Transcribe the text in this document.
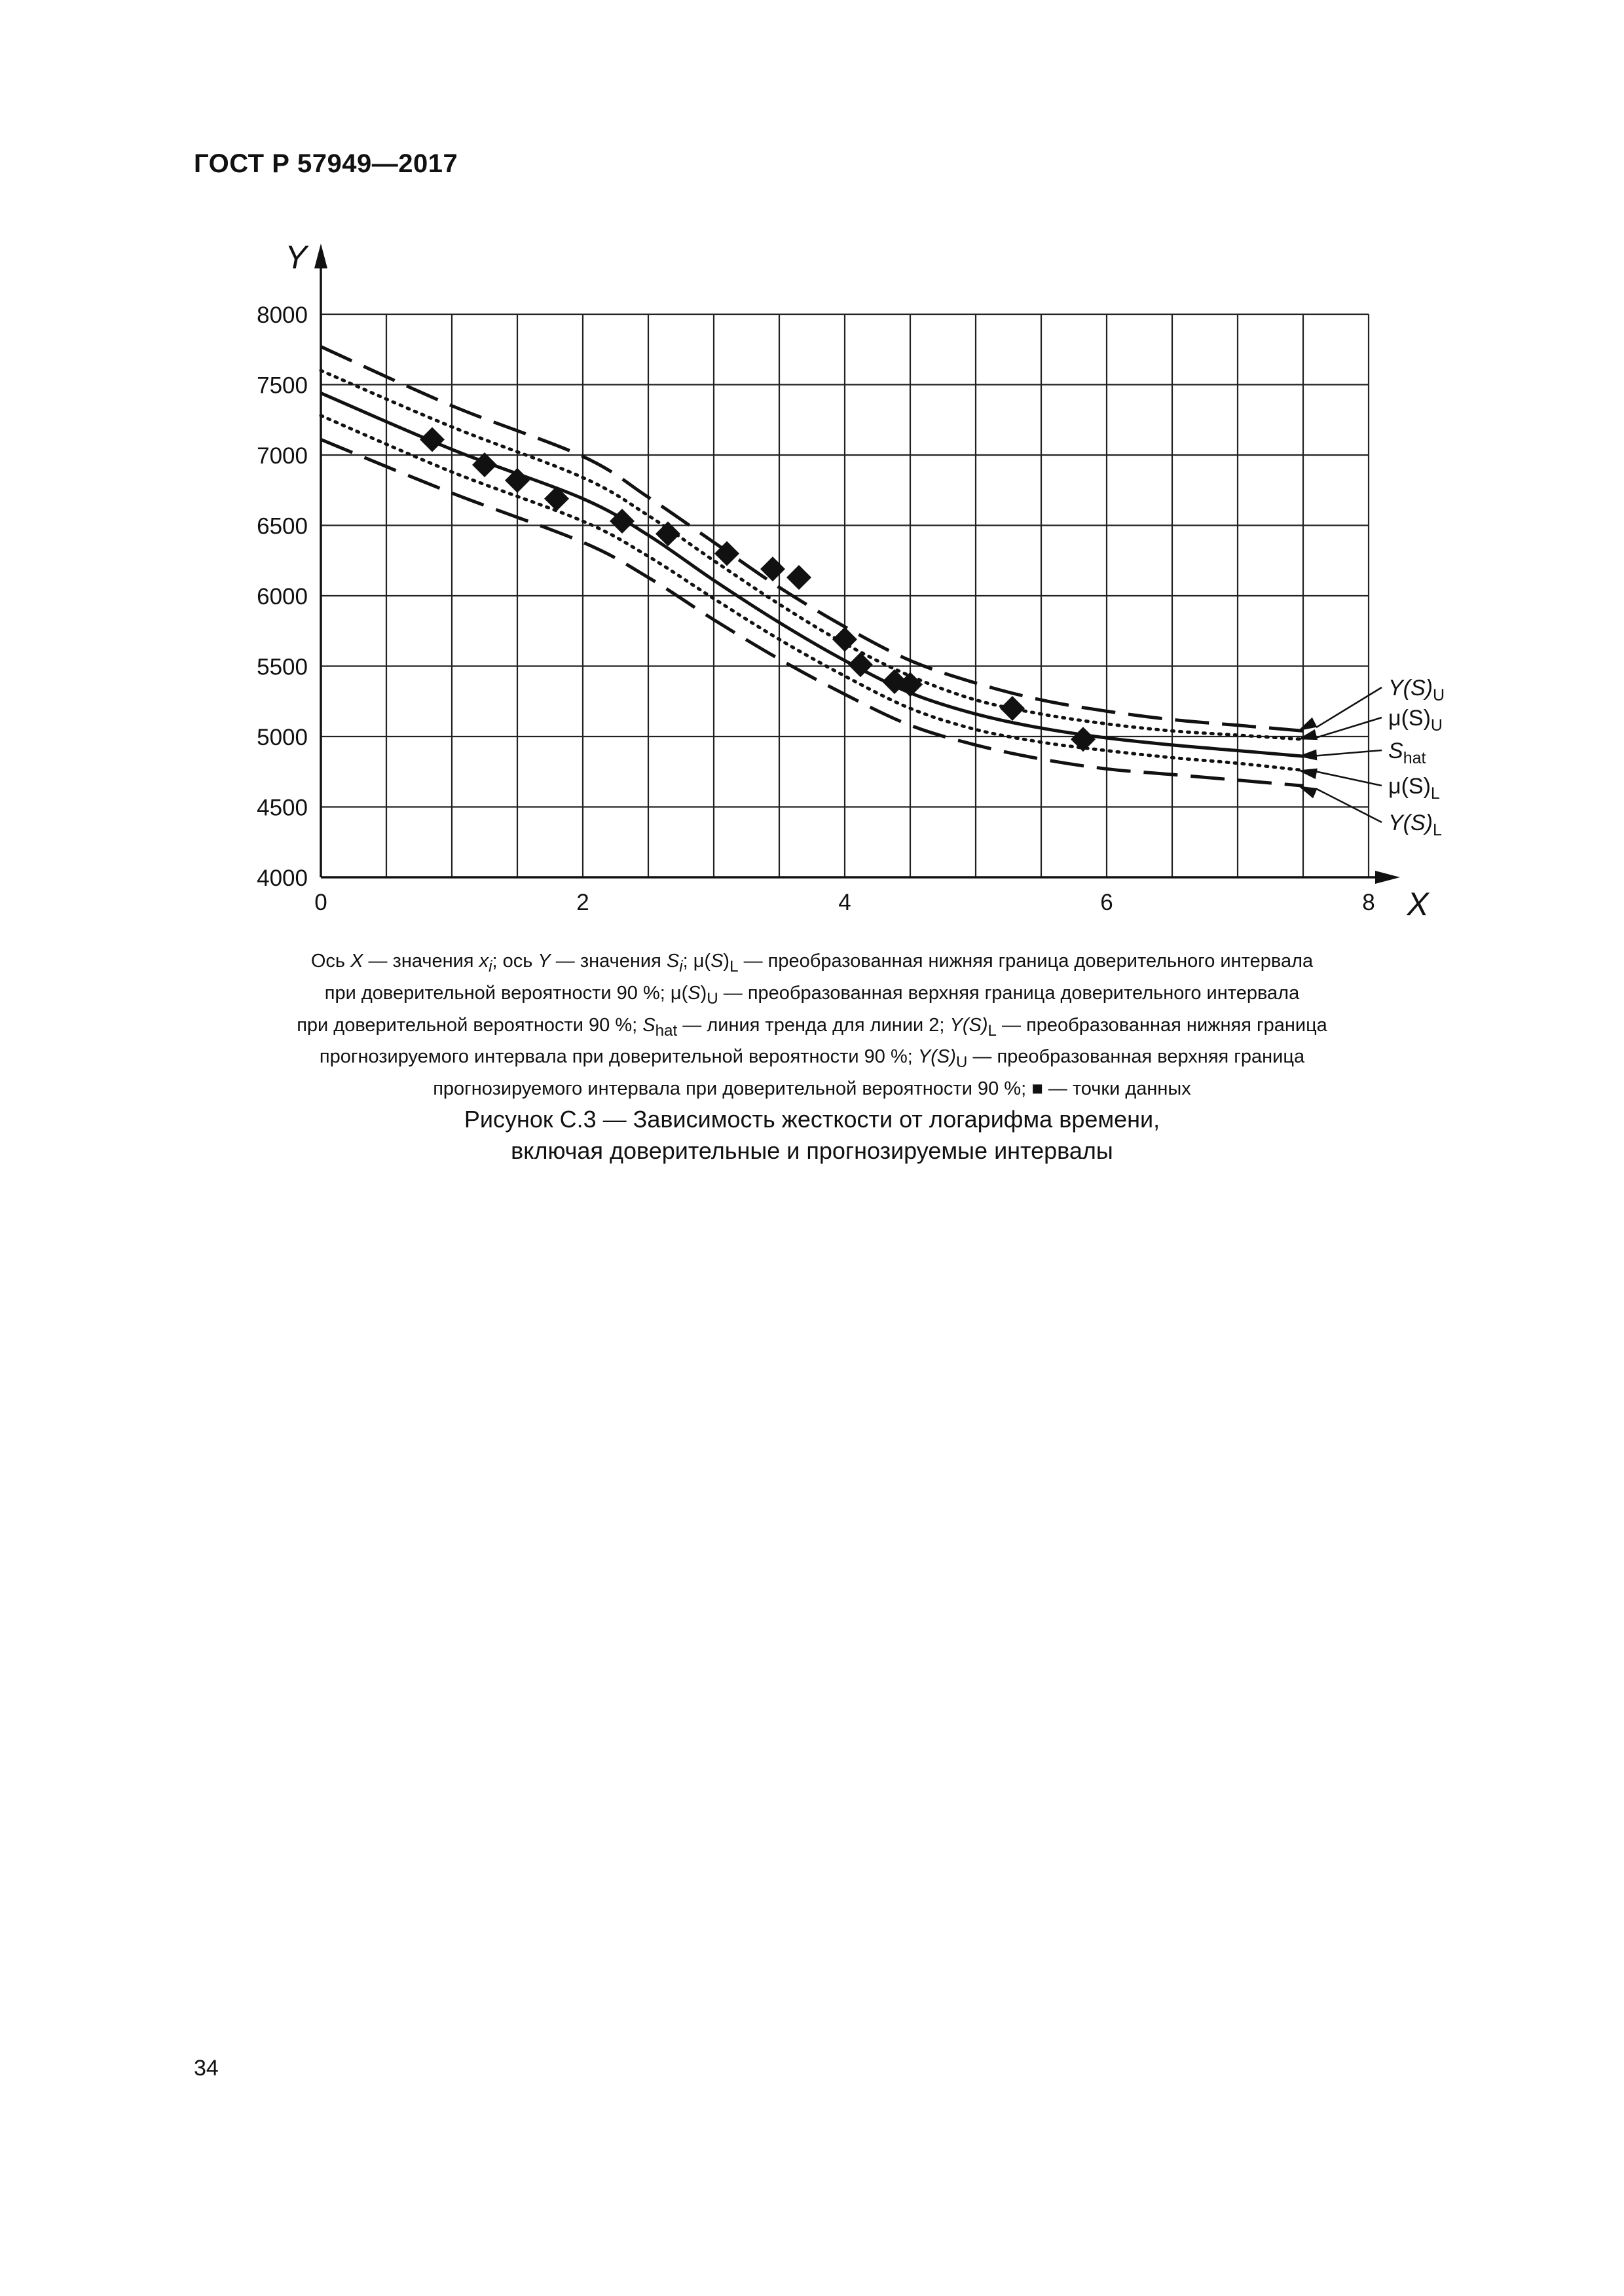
ГОСТ Р 57949—2017
Y
X
4000
4500
5000
5500
6000
6500
7000
7500
8000
0	2	4	6	8
$Y(S)_U$
$\mu(S)_U$
$S_{hat}$
$\mu(S)_L$
$Y(S)_L$
Ось X — значения $x_i$; ось Y — значения $S_i$; $\mu(S)_L$ — преобразованная нижняя граница доверительного интервала
при доверительной вероятности 90 %; $\mu(S)_U$ — преобразованная верхняя граница доверительного интервала
при доверительной вероятности 90 %; $S_{hat}$ — линия тренда для линии 2; $Y(S)_L$ — преобразованная нижняя граница
прогнозируемого интервала при доверительной вероятности 90 %; $Y(S)_U$ — преобразованная верхняя граница
прогнозируемого интервала при доверительной вероятности 90 %; ■ — точки данных
Рисунок С.3 — Зависимость жесткости от логарифма времени,
включая доверительные и прогнозируемые интервалы
34
